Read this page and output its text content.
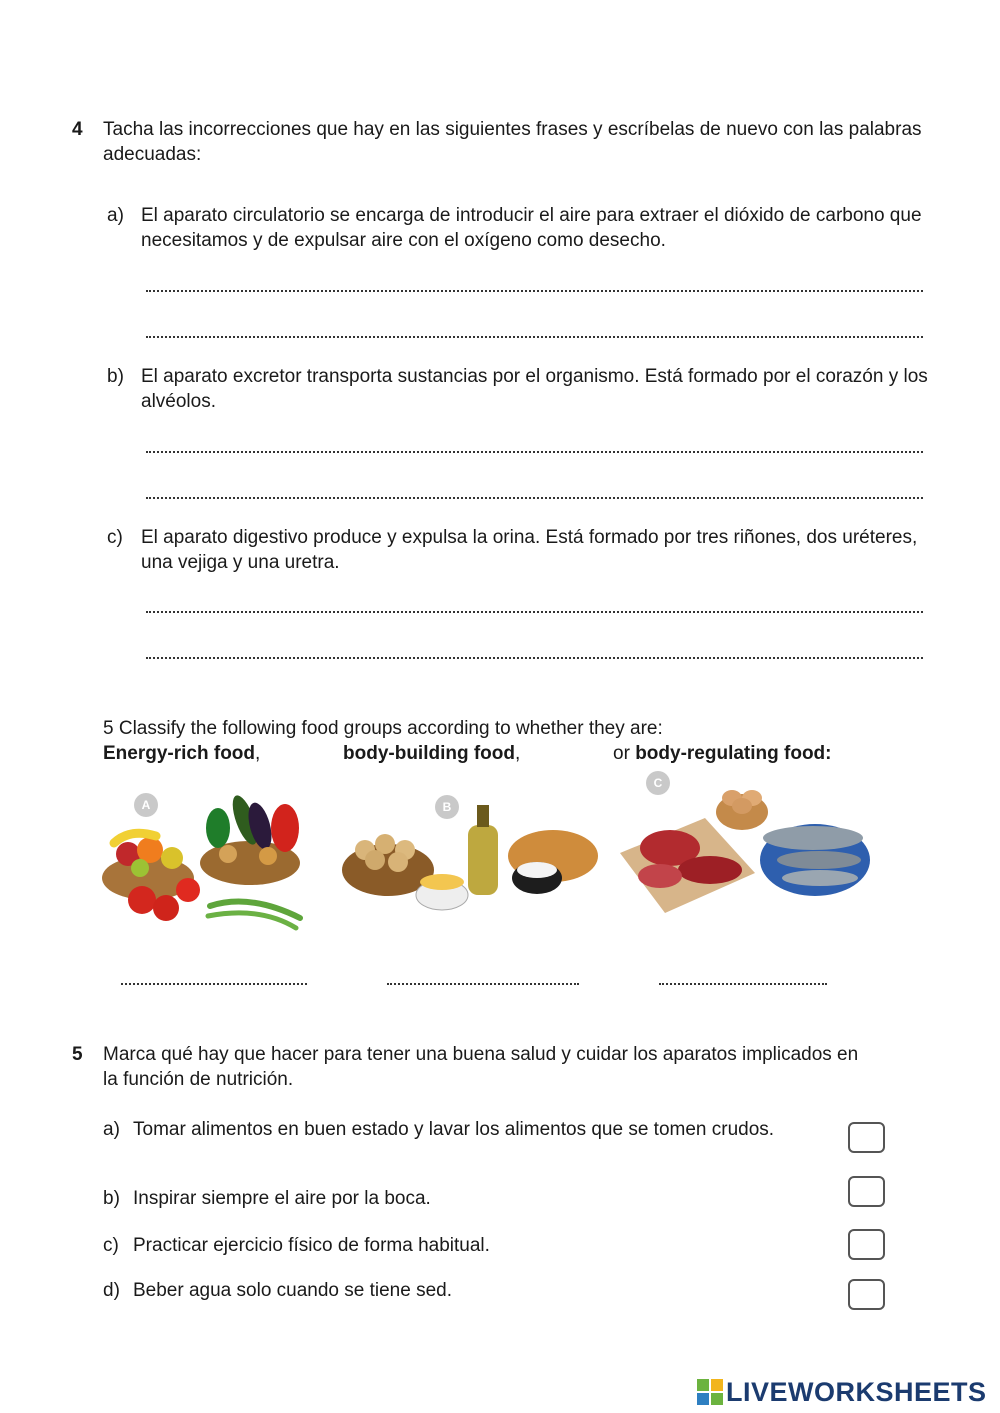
4 Tacha las incorrecciones que hay en las siguientes frases y escríbelas de nuevo con las palabras adecuadas:
a) El aparato circulatorio se encarga de introducir el aire para extraer el dióxido de carbono que necesitamos y de expulsar aire con el oxígeno como desecho.
b) El aparato excretor transporta sustancias por el organismo. Está formado por el corazón y los alvéolos.
c) El aparato digestivo produce y expulsa la orina. Está formado por tres riñones, dos uréteres, una vejiga y una uretra.
5 Classify the following food groups according to whether they are:
Energy-rich food,	body-building food,	or body-regulating food:
A	B
C
5 Marca qué hay que hacer para tener una buena salud y cuidar los aparatos implicados en la función de nutrición.
a) Tomar alimentos en buen estado y lavar los alimentos que se tomen crudos.
b) Inspirar siempre el aire por la boca.
c) Practicar ejercicio físico de forma habitual.
d) Beber agua solo cuando se tiene sed.
LIVEWORKSHEETS
